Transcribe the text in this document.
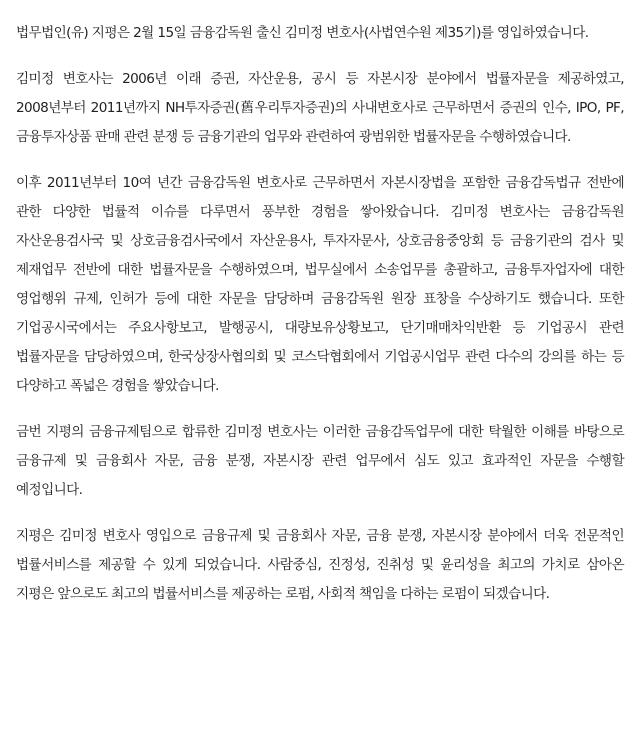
법무법인(유) 지평은 2월 15일 금융감독원 출신 김미정 변호사(사법연수원 제35기)를 영입하였습니다.

김미정 변호사는 2006년 이래 증권, 자산운용, 공시 등 자본시장 분야에서 법률자문을 제공하였고, 2008년부터 2011년까지 NH투자증권(舊우리투자증권)의 사내변호사로 근무하면서 증권의 인수, IPO, PF, 금융투자상품 판매 관련 분쟁 등 금융기관의 업무와 관련하여 광범위한 법률자문을 수행하였습니다.

이후 2011년부터 10여 년간 금융감독원 변호사로 근무하면서 자본시장법을 포함한 금융감독법규 전반에 관한 다양한 법률적 이슈를 다루면서 풍부한 경험을 쌓아왔습니다. 김미정 변호사는 금융감독원 자산운용검사국 및 상호금융검사국에서 자산운용사, 투자자문사, 상호금융중앙회 등 금융기관의 검사 및 제재업무 전반에 대한 법률자문을 수행하였으며, 법무실에서 소송업무를 총괄하고, 금융투자업자에 대한 영업행위 규제, 인허가 등에 대한 자문을 담당하며 금융감독원 원장 표창을 수상하기도 했습니다. 또한 기업공시국에서는 주요사항보고, 발행공시, 대량보유상황보고, 단기매매차익반환 등 기업공시 관련 법률자문을 담당하였으며, 한국상장사협의회 및 코스닥협회에서 기업공시업무 관련 다수의 강의를 하는 등 다양하고 폭넓은 경험을 쌓았습니다.

금번 지평의 금융규제팀으로 합류한 김미정 변호사는 이러한 금융감독업무에 대한 탁월한 이해를 바탕으로 금융규제 및 금융회사 자문, 금융 분쟁, 자본시장 관련 업무에서 심도 있고 효과적인 자문을 수행할 예정입니다.

지평은 김미정 변호사 영입으로 금융규제 및 금융회사 자문, 금융 분쟁, 자본시장 분야에서 더욱 전문적인 법률서비스를 제공할 수 있게 되었습니다. 사람중심, 진정성, 진취성 및 윤리성을 최고의 가치로 삼아온 지평은 앞으로도 최고의 법률서비스를 제공하는 로펌, 사회적 책임을 다하는 로펌이 되겠습니다.
